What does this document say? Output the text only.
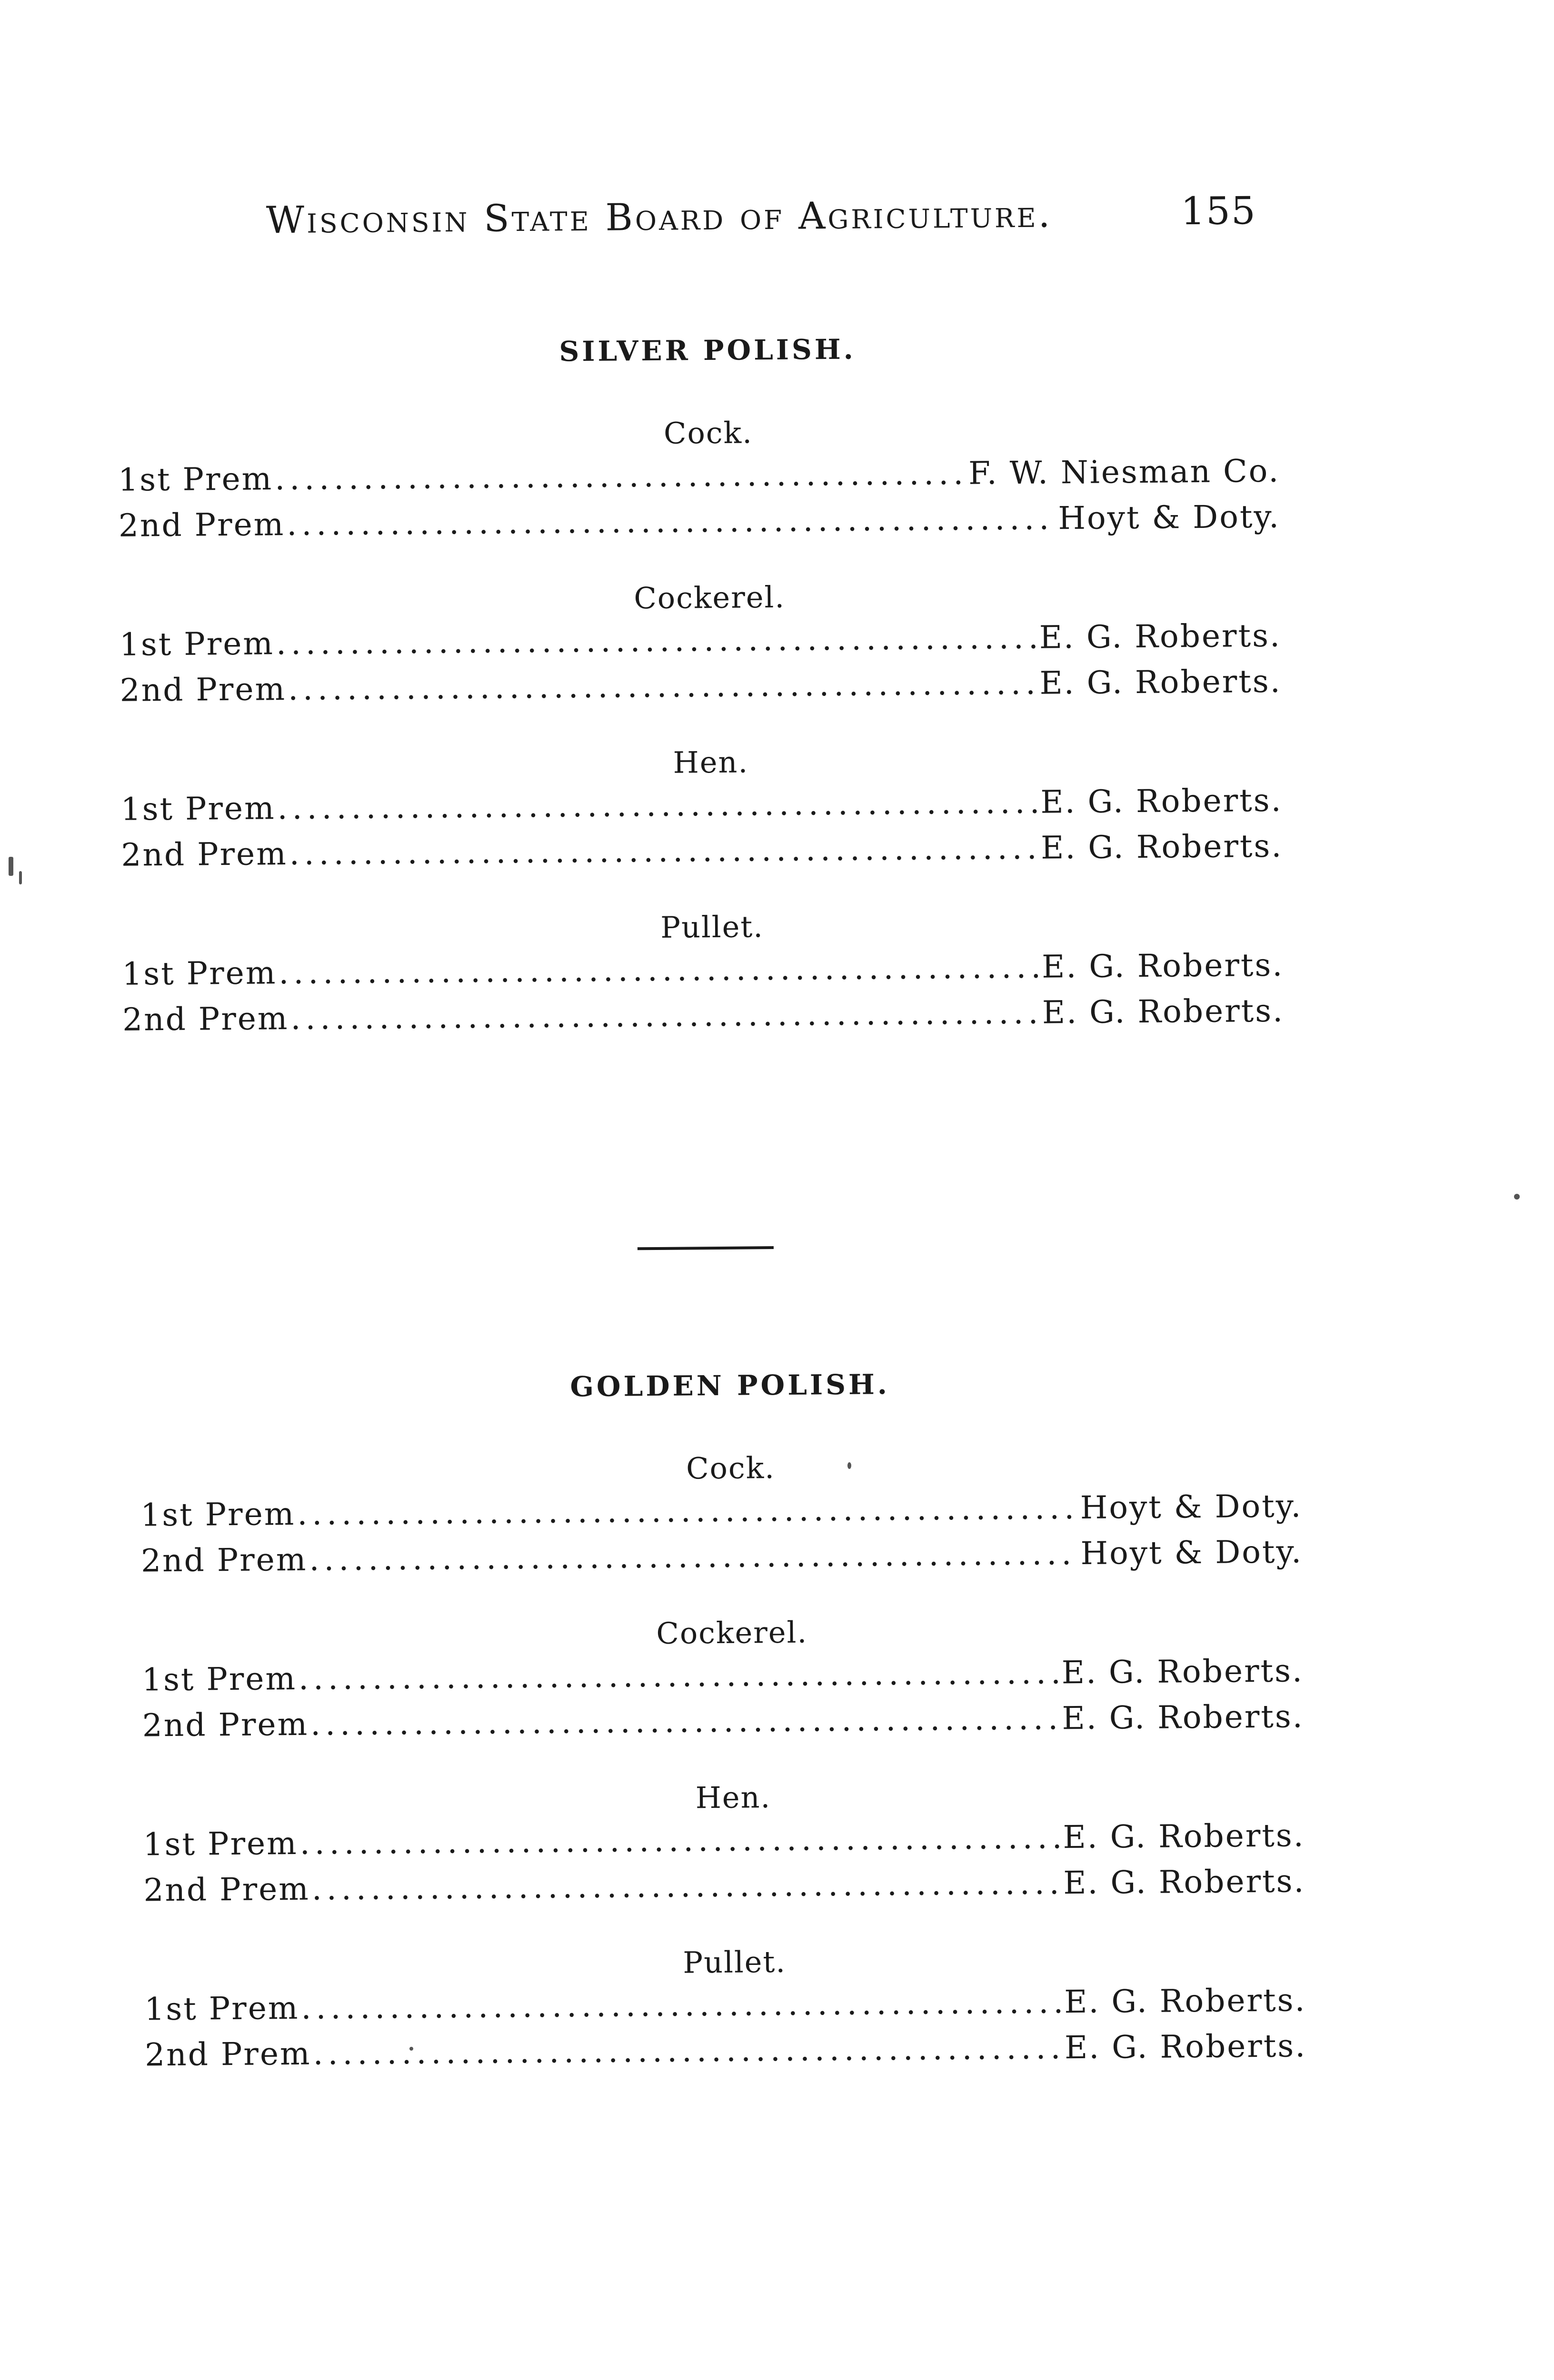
Wisconsin State Board of Agriculture.	155
SILVER POLISH.
Cock.
1st Prem .....	F. W. Niesman Co.
2nd Prem .....	Hoyt & Doty.
Cockerel.
1st Prem .....	E. G. Roberts.
2nd Prem .....	E. G. Roberts.
Hen.
1st Prem .....	E. G. Roberts.
2nd Prem .....	E. G. Roberts.
Pullet.
1st Prem .....	E. G. Roberts.
2nd Prem .....	E. G. Roberts.
GOLDEN POLISH.
Cock.
1st Prem .....	Hoyt & Doty.
2nd Prem .....	Hoyt & Doty.
Cockerel.
1st Prem .....	E. G. Roberts.
2nd Prem .....	E. G. Roberts.
Hen.
1st Prem .....	E. G. Roberts.
2nd Prem .....	E. G. Roberts.
Pullet.
1st Prem .....	E. G. Roberts.
2nd Prem .....	E. G. Roberts.
